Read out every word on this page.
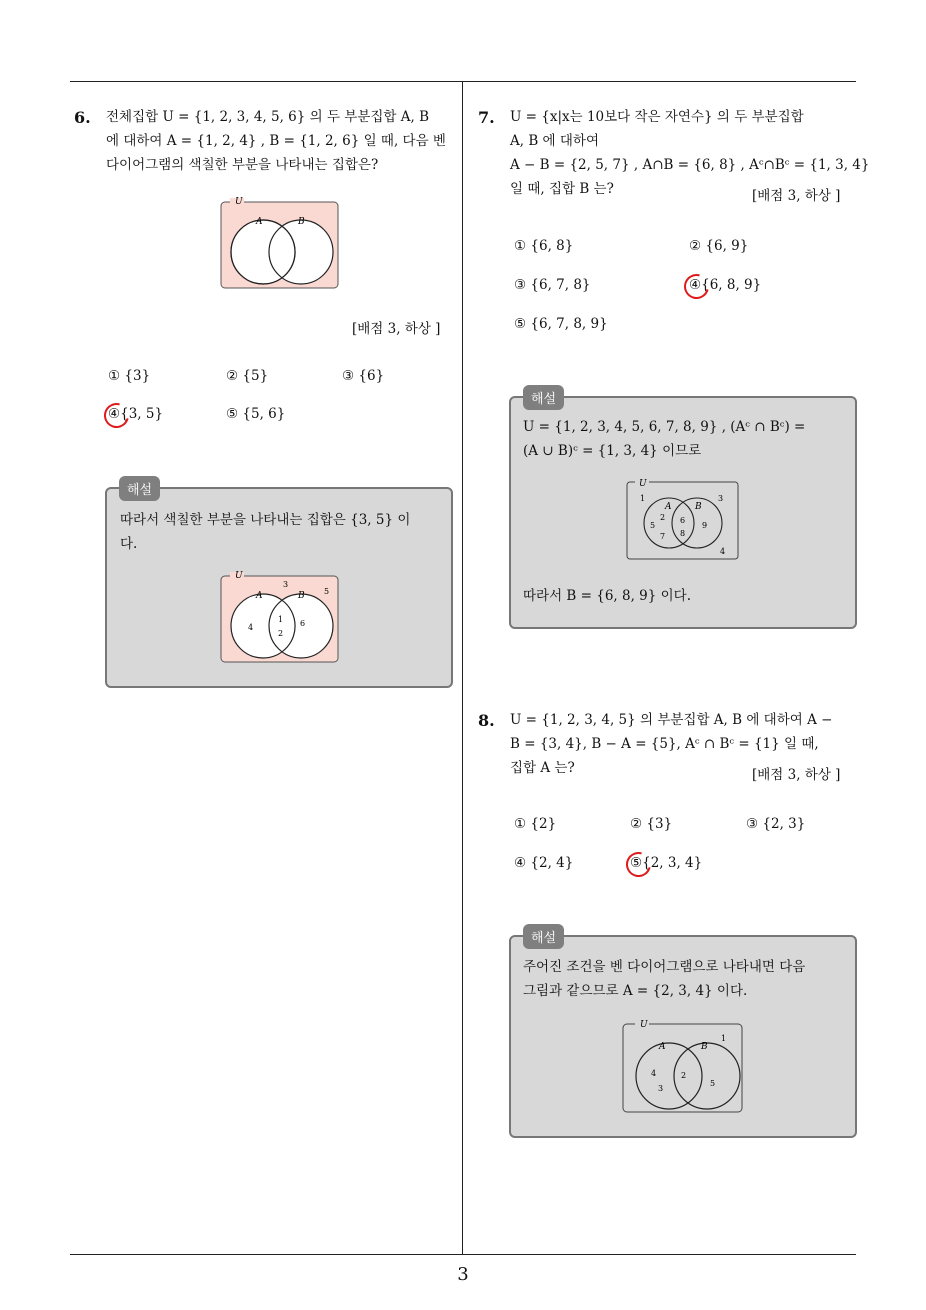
3
6. 전체집합 U = {1, 2, 3, 4, 5, 6} 의 두 부분집합 A, B
에 대하여 A = {1, 2, 4} , B = {1, 2, 6} 일 때, 다음 벤
다이어그램의 색칠한 부분을 나타내는 집합은?
U
A	B
[배점 3, 하상 ]
① {3}	② {5}	③ {6}
④{3, 5}	⑤ {5, 6}
해설
따라서 색칠한 부분을 나타내는 집합은 {3, 5} 이
다.
U
A	B
3
5
4
1
2
6
7. U = {x|x는 10보다 작은 자연수} 의 두 부분집합
A, B 에 대하여
A − B = {2, 5, 7} , A∩B = {6, 8} , Aᶜ∩Bᶜ = {1, 3, 4}
일 때, 집합 B 는?	[배점 3, 하상 ]
① {6, 8}	② {6, 9}
③ {6, 7, 8}	④{6, 8, 9}
⑤ {6, 7, 8, 9}
해설
U = {1, 2, 3, 4, 5, 6, 7, 8, 9} , (Aᶜ ∩ Bᶜ) =
(A ∪ B)ᶜ = {1, 3, 4} 이므로
U
A	B
1	3
2
5
7
6
8
9
4
따라서 B = {6, 8, 9} 이다.
8. U = {1, 2, 3, 4, 5} 의 부분집합 A, B 에 대하여 A −
B = {3, 4}, B − A = {5}, Aᶜ ∩ Bᶜ = {1} 일 때,
집합 A 는?	[배점 3, 하상 ]
① {2}	② {3}	③ {2, 3}
④ {2, 4}	⑤{2, 3, 4}
해설
주어진 조건을 벤 다이어그램으로 나타내면 다음
그림과 같으므로 A = {2, 3, 4} 이다.
U
A	B
1
4
3
2
5
